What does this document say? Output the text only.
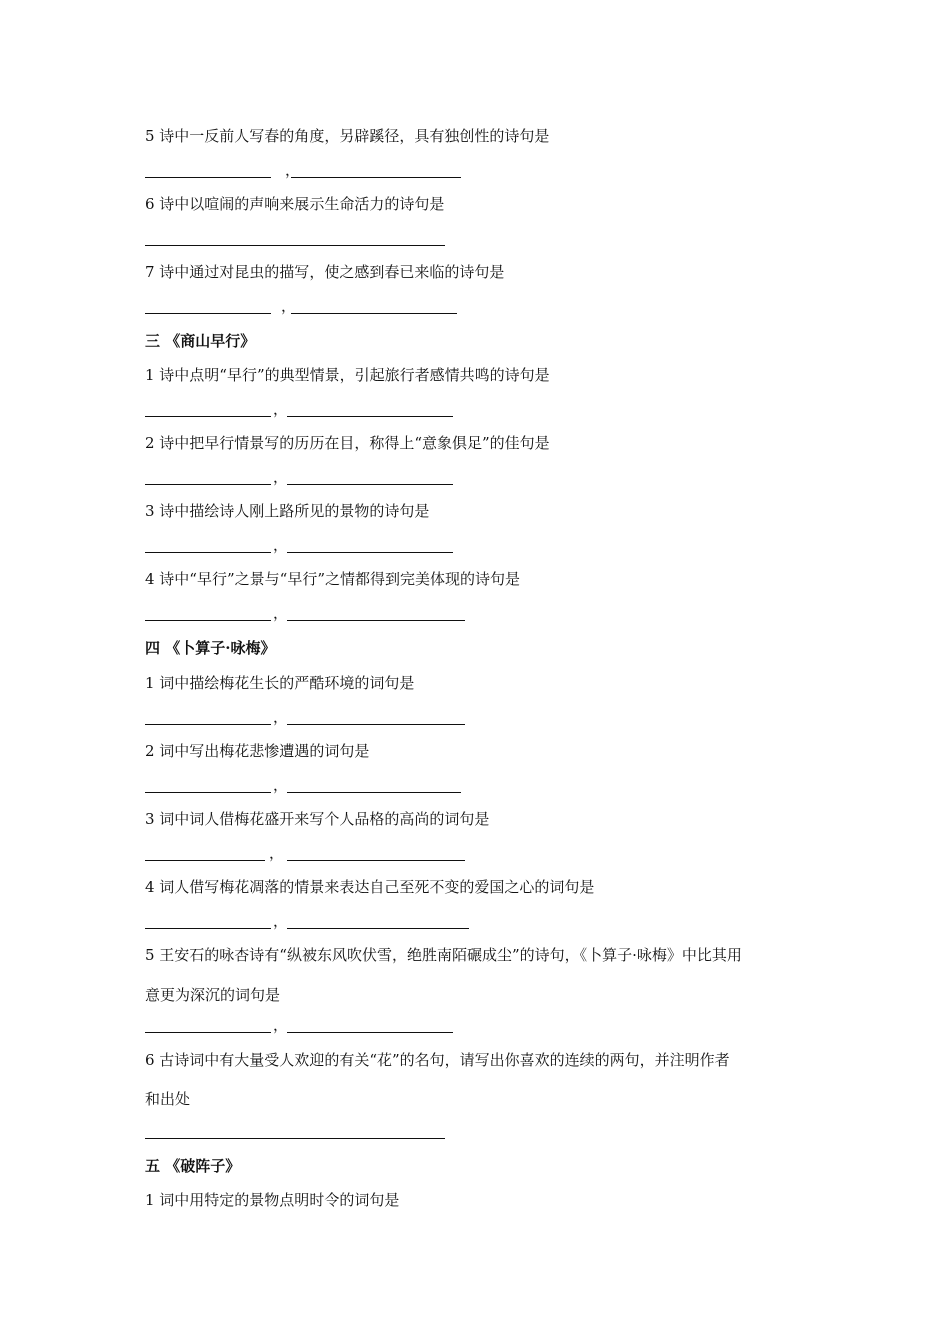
5 诗中一反前人写春的角度，另辟蹊径，具有独创性的诗句是
，
6 诗中以喧闹的声响来展示生命活力的诗句是
7 诗中通过对昆虫的描写，使之感到春已来临的诗句是
，
三 《商山早行》
1 诗中点明“早行”的典型情景，引起旅行者感情共鸣的诗句是
，
2 诗中把早行情景写的历历在目，称得上“意象俱足”的佳句是
，
3 诗中描绘诗人刚上路所见的景物的诗句是
，
4 诗中“早行”之景与“早行”之情都得到完美体现的诗句是
，
四 《卜算子·咏梅》
1 词中描绘梅花生长的严酷环境的词句是
，
2 词中写出梅花悲惨遭遇的词句是
，
3 词中词人借梅花盛开来写个人品格的高尚的词句是
，
4 词人借写梅花凋落的情景来表达自己至死不变的爱国之心的词句是
，
5 王安石的咏杏诗有“纵被东风吹伏雪，绝胜南陌碾成尘”的诗句，《卜算子·咏梅》中比其用
意更为深沉的词句是
，
6 古诗词中有大量受人欢迎的有关“花”的名句，请写出你喜欢的连续的两句，并注明作者
和出处
五 《破阵子》
1 词中用特定的景物点明时令的词句是
